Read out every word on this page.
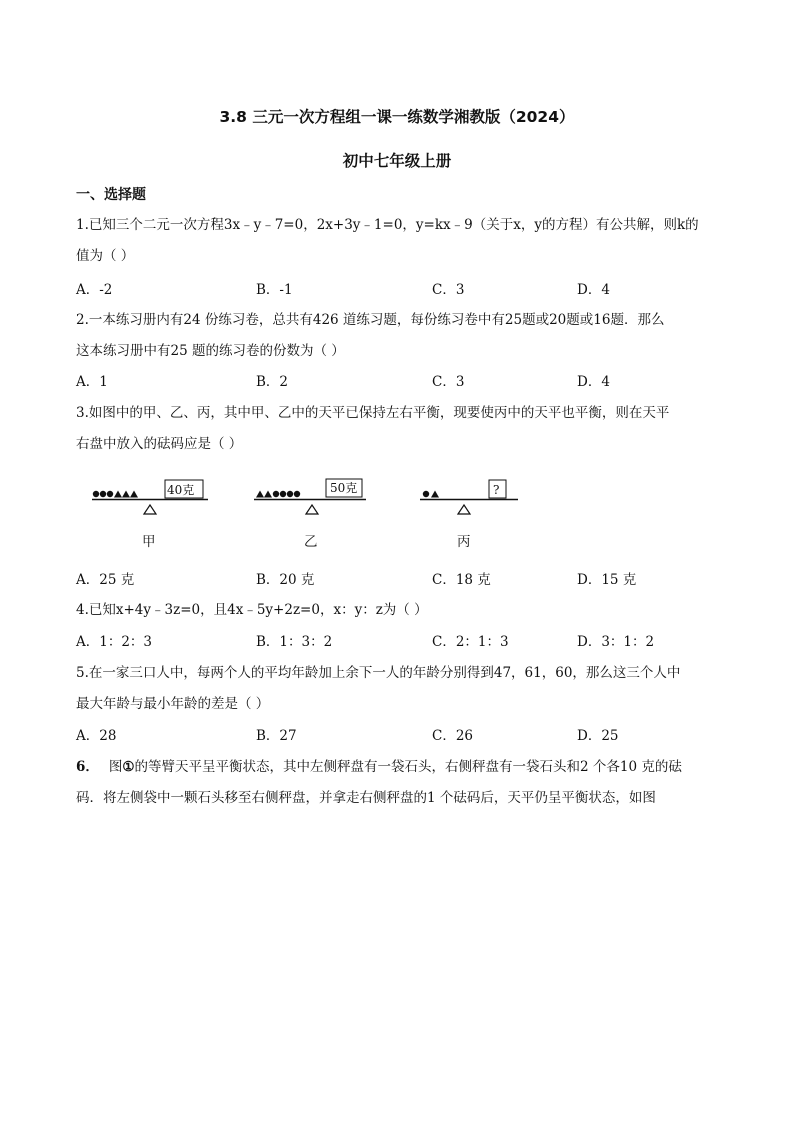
3.8 三元一次方程组一课一练数学湘教版（2024）
初中七年级上册
一、选择题
1.已知三个二元一次方程3x﹣y﹣7=0，2x+3y﹣1=0，y=kx﹣9（关于x，y的方程）有公共解，则k的
值为（ ）
A．-2	B．-1	C．3	D．4
2.一本练习册内有24 份练习卷，总共有426 道练习题，每份练习卷中有25题或20题或16题．那么
这本练习册中有25 题的练习卷的份数为（ ）
A．1	B．2	C．3	D．4
3.如图中的甲、乙、丙，其中甲、乙中的天平已保持左右平衡，现要使丙中的天平也平衡，则在天平
右盘中放入的砝码应是（ ）
40克
甲
50克
乙
?
丙
A．25 克	B．20 克	C．18 克	D．15 克
4.已知x+4y﹣3z=0，且4x﹣5y+2z=0，x：y：z为（ ）
A．1：2：3	B．1：3：2	C．2：1：3	D．3：1：2
5.在一家三口人中，每两个人的平均年龄加上余下一人的年龄分别得到47，61，60，那么这三个人中
最大年龄与最小年龄的差是（ ）
A．28	B．27	C．26	D．25
6． 图①的等臂天平呈平衡状态，其中左侧秤盘有一袋石头，右侧秤盘有一袋石头和2 个各10 克的砝
码．将左侧袋中一颗石头移至右侧秤盘，并拿走右侧秤盘的1 个砝码后，天平仍呈平衡状态，如图
